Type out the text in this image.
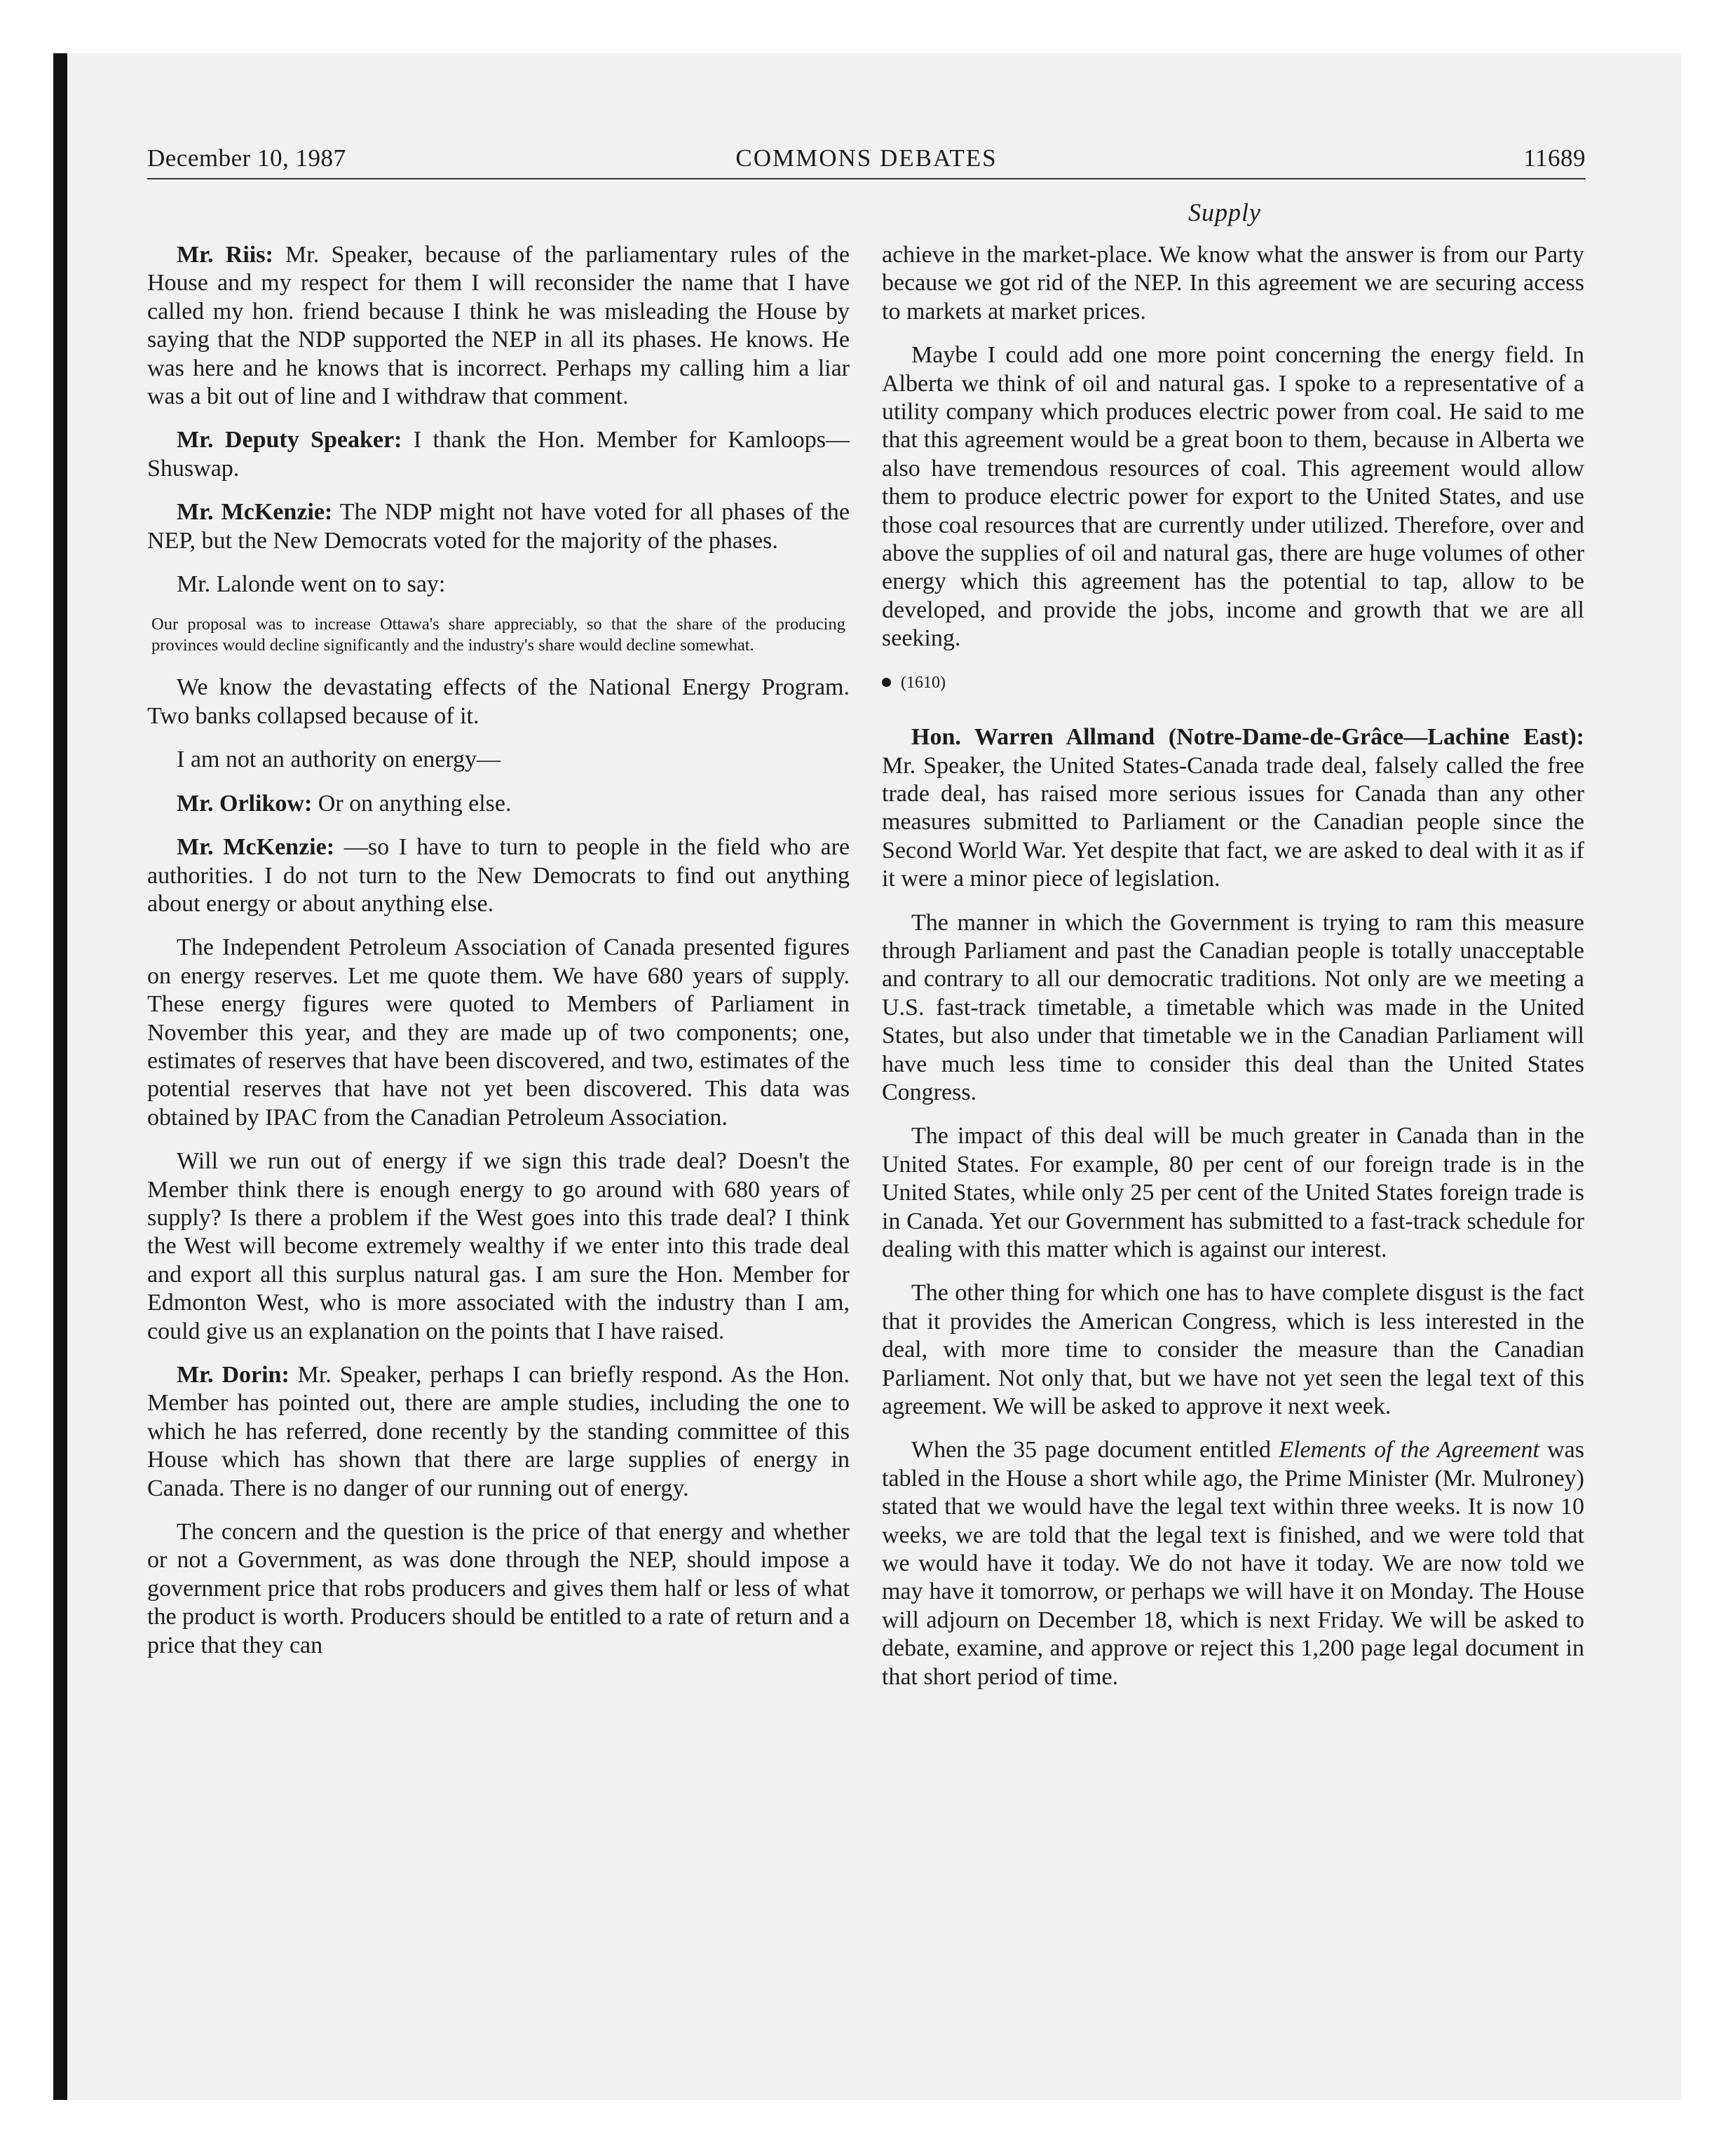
December 10, 1987	COMMONS DEBATES	11689
Supply

Mr. Riis: Mr. Speaker, because of the parliamentary rules of the House and my respect for them I will reconsider the name that I have called my hon. friend because I think he was misleading the House by saying that the NDP supported the NEP in all its phases. He knows. He was here and he knows that is incorrect. Perhaps my calling him a liar was a bit out of line and I withdraw that comment.

Mr. Deputy Speaker: I thank the Hon. Member for Kamloops—Shuswap.

Mr. McKenzie: The NDP might not have voted for all phases of the NEP, but the New Democrats voted for the majority of the phases.

Mr. Lalonde went on to say:

Our proposal was to increase Ottawa's share appreciably, so that the share of the producing provinces would decline significantly and the industry's share would decline somewhat.

We know the devastating effects of the National Energy Program. Two banks collapsed because of it.

I am not an authority on energy—

Mr. Orlikow: Or on anything else.

Mr. McKenzie: —so I have to turn to people in the field who are authorities. I do not turn to the New Democrats to find out anything about energy or about anything else.

The Independent Petroleum Association of Canada presented figures on energy reserves. Let me quote them. We have 680 years of supply. These energy figures were quoted to Members of Parliament in November this year, and they are made up of two components; one, estimates of reserves that have been discovered, and two, estimates of the potential reserves that have not yet been discovered. This data was obtained by IPAC from the Canadian Petroleum Association.

Will we run out of energy if we sign this trade deal? Doesn't the Member think there is enough energy to go around with 680 years of supply? Is there a problem if the West goes into this trade deal? I think the West will become extremely wealthy if we enter into this trade deal and export all this surplus natural gas. I am sure the Hon. Member for Edmonton West, who is more associated with the industry than I am, could give us an explanation on the points that I have raised.

Mr. Dorin: Mr. Speaker, perhaps I can briefly respond. As the Hon. Member has pointed out, there are ample studies, including the one to which he has referred, done recently by the standing committee of this House which has shown that there are large supplies of energy in Canada. There is no danger of our running out of energy.

The concern and the question is the price of that energy and whether or not a Government, as was done through the NEP, should impose a government price that robs producers and gives them half or less of what the product is worth. Producers should be entitled to a rate of return and a price that they can

achieve in the market-place. We know what the answer is from our Party because we got rid of the NEP. In this agreement we are securing access to markets at market prices.

Maybe I could add one more point concerning the energy field. In Alberta we think of oil and natural gas. I spoke to a representative of a utility company which produces electric power from coal. He said to me that this agreement would be a great boon to them, because in Alberta we also have tremendous resources of coal. This agreement would allow them to produce electric power for export to the United States, and use those coal resources that are currently under utilized. Therefore, over and above the supplies of oil and natural gas, there are huge volumes of other energy which this agreement has the potential to tap, allow to be developed, and provide the jobs, income and growth that we are all seeking.

(1610)

Hon. Warren Allmand (Notre-Dame-de-Grâce—Lachine East): Mr. Speaker, the United States-Canada trade deal, falsely called the free trade deal, has raised more serious issues for Canada than any other measures submitted to Parliament or the Canadian people since the Second World War. Yet despite that fact, we are asked to deal with it as if it were a minor piece of legislation.

The manner in which the Government is trying to ram this measure through Parliament and past the Canadian people is totally unacceptable and contrary to all our democratic traditions. Not only are we meeting a U.S. fast-track timetable, a timetable which was made in the United States, but also under that timetable we in the Canadian Parliament will have much less time to consider this deal than the United States Congress.

The impact of this deal will be much greater in Canada than in the United States. For example, 80 per cent of our foreign trade is in the United States, while only 25 per cent of the United States foreign trade is in Canada. Yet our Government has submitted to a fast-track schedule for dealing with this matter which is against our interest.

The other thing for which one has to have complete disgust is the fact that it provides the American Congress, which is less interested in the deal, with more time to consider the measure than the Canadian Parliament. Not only that, but we have not yet seen the legal text of this agreement. We will be asked to approve it next week.

When the 35 page document entitled Elements of the Agreement was tabled in the House a short while ago, the Prime Minister (Mr. Mulroney) stated that we would have the legal text within three weeks. It is now 10 weeks, we are told that the legal text is finished, and we were told that we would have it today. We do not have it today. We are now told we may have it tomorrow, or perhaps we will have it on Monday. The House will adjourn on December 18, which is next Friday. We will be asked to debate, examine, and approve or reject this 1,200 page legal document in that short period of time.
